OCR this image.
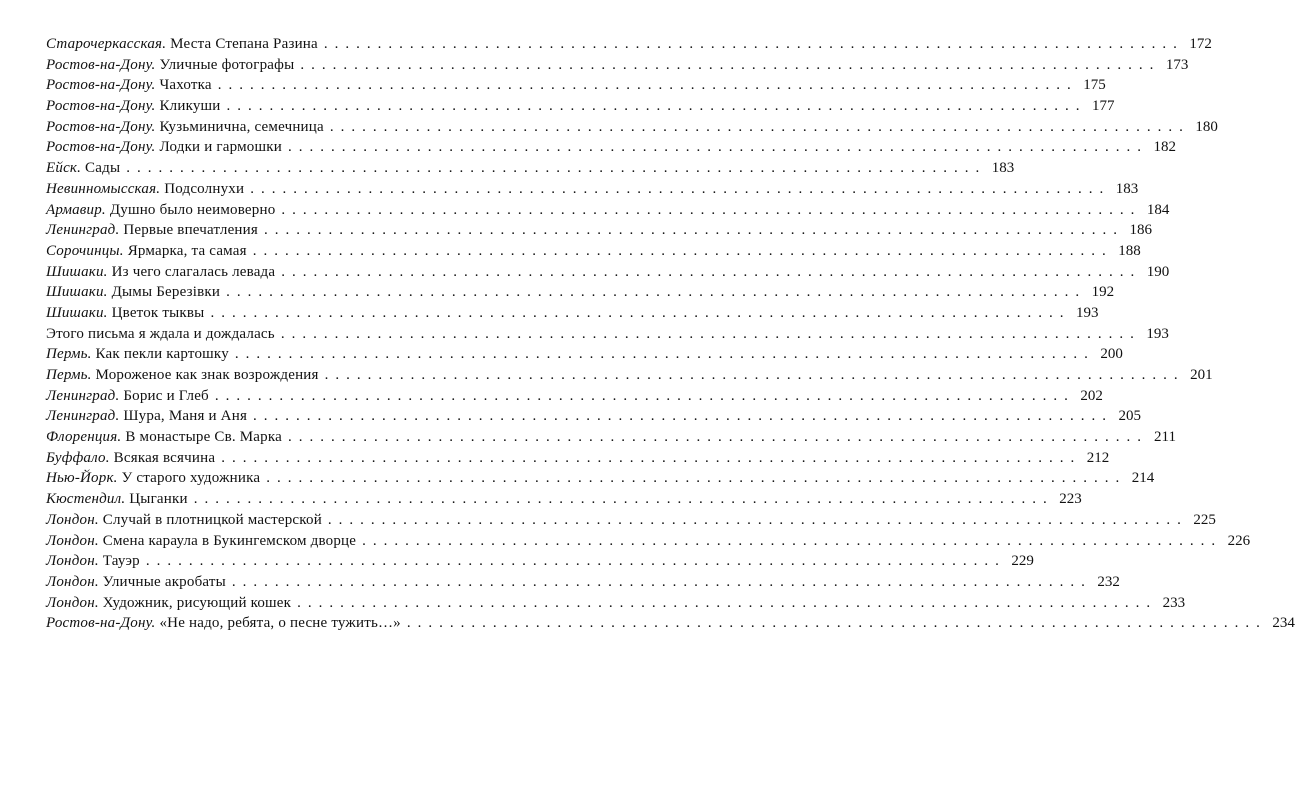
Старочеркасская. Места Степана Разина ................................................................................ 172
Ростов-на-Дону. Уличные фотографы ................................................................................ 173
Ростов-на-Дону. Чахотка ................................................................................ 175
Ростов-на-Дону. Кликуши ................................................................................ 177
Ростов-на-Дону. Кузьминична, семечница ................................................................................ 180
Ростов-на-Дону. Лодки и гармошки ................................................................................ 182
Ейск. Сады ................................................................................ 183
Невинномысская. Подсолнухи ................................................................................ 183
Армавир. Душно было неимоверно ................................................................................ 184
Ленинград. Первые впечатления ................................................................................ 186
Сорочинцы. Ярмарка, та самая ................................................................................ 188
Шишаки. Из чего слагалась левада ................................................................................ 190
Шишаки. Дымы Березівки ................................................................................ 192
Шишаки. Цветок тыквы ................................................................................ 193
Этого письма я ждала и дождалась ................................................................................ 193
Пермь. Как пекли картошку ................................................................................ 200
Пермь. Мороженое как знак возрождения ................................................................................ 201
Ленинград. Борис и Глеб ................................................................................ 202
Ленинград. Шура, Маня и Аня ................................................................................ 205
Флоренция. В монастыре Св. Марка ................................................................................ 211
Буффало. Всякая всячина ................................................................................ 212
Нью-Йорк. У старого художника ................................................................................ 214
Кюстендил. Цыганки ................................................................................ 223
Лондон. Случай в плотницкой мастерской ................................................................................ 225
Лондон. Смена караула в Букингемском дворце ................................................................................ 226
Лондон. Тауэр ................................................................................ 229
Лондон. Уличные акробаты ................................................................................ 232
Лондон. Художник, рисующий кошек ................................................................................ 233
Ростов-на-Дону. «Не надо, ребята, о песне тужить…» ................................................................................ 234
